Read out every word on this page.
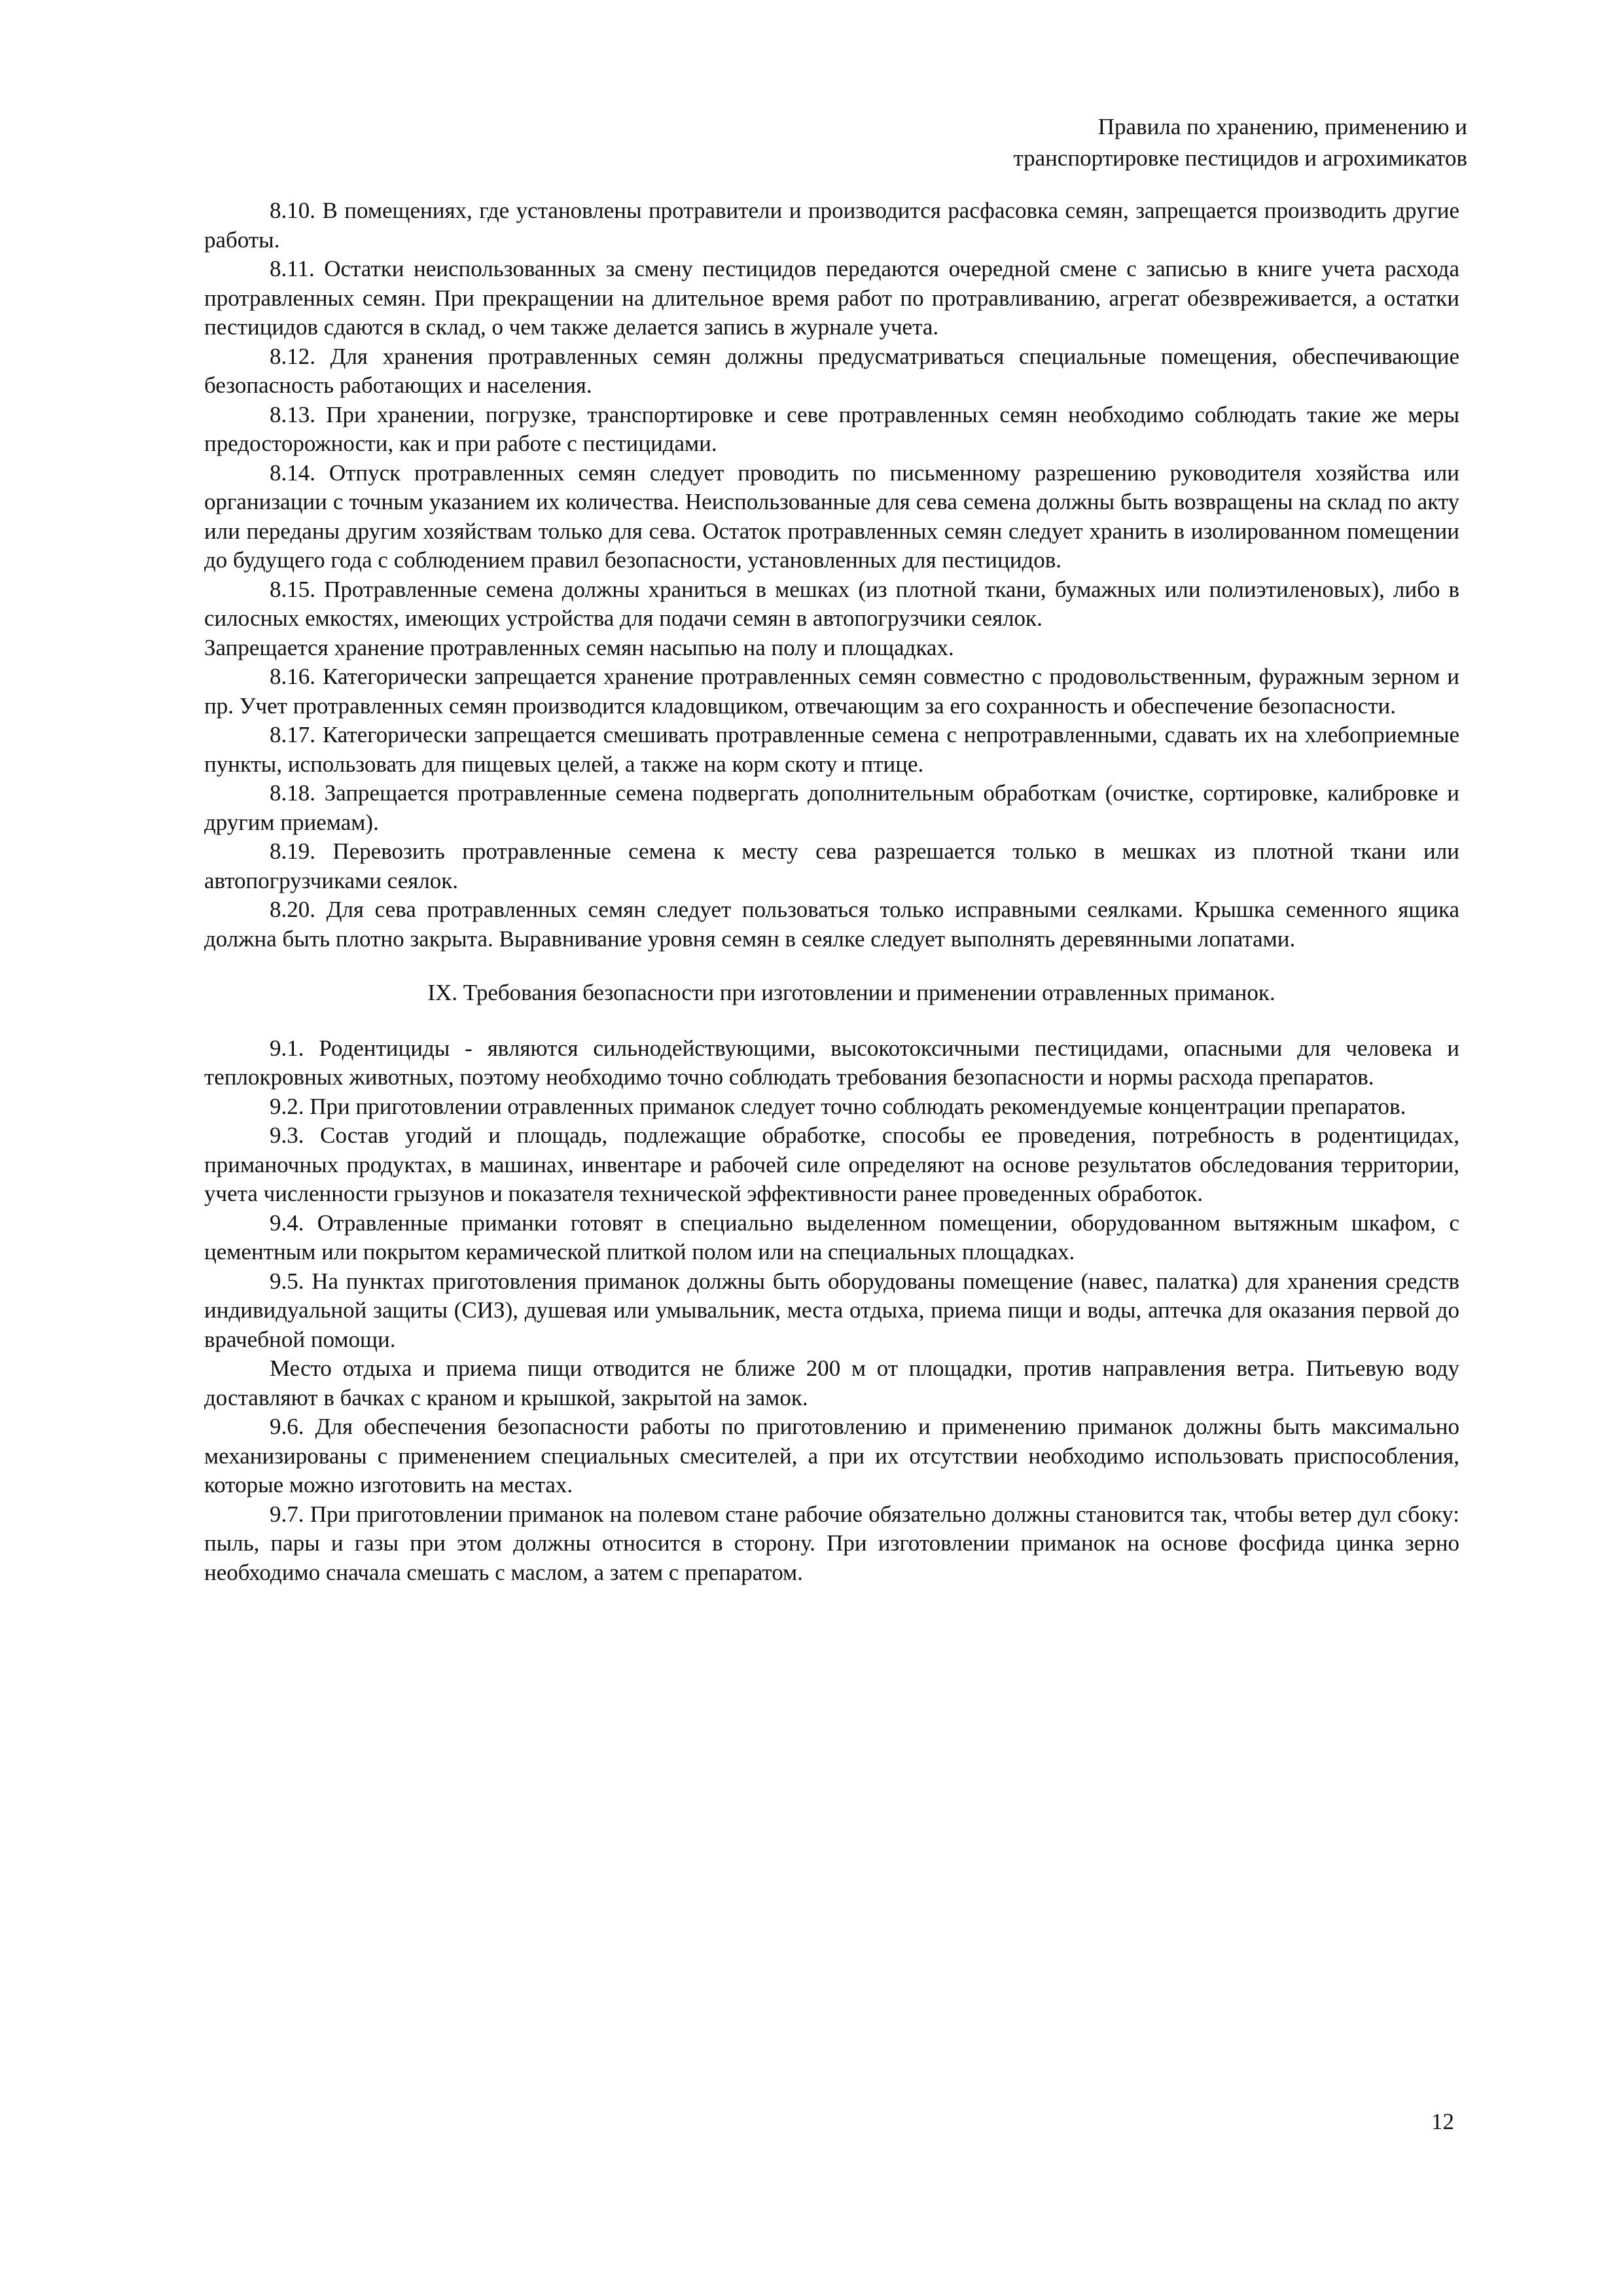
Правила по хранению, применению и
транспортировке пестицидов и агрохимикатов

8.10. В помещениях, где установлены протравители и производится расфасовка семян, запрещается производить другие работы.

8.11. Остатки неиспользованных за смену пестицидов передаются очередной смене с записью в книге учета расхода протравленных семян. При прекращении на длительное время работ по протравливанию, агрегат обезвреживается, а остатки пестицидов сдаются в склад, о чем также делается запись в журнале учета.

8.12. Для хранения протравленных семян должны предусматриваться специальные помещения, обеспечивающие безопасность работающих и населения.

8.13. При хранении, погрузке, транспортировке и севе протравленных семян необходимо соблюдать такие же меры предосторожности, как и при работе с пестицидами.

8.14. Отпуск протравленных семян следует проводить по письменному разрешению руководителя хозяйства или организации с точным указанием их количества. Неиспользованные для сева семена должны быть возвращены на склад по акту или переданы другим хозяйствам только для сева. Остаток протравленных семян следует хранить в изолированном помещении до будущего года с соблюдением правил безопасности, установленных для пестицидов.

8.15. Протравленные семена должны храниться в мешках (из плотной ткани, бумажных или полиэтиленовых), либо в силосных емкостях, имеющих устройства для подачи семян в автопогрузчики сеялок.

Запрещается хранение протравленных семян насыпью на полу и площадках.

8.16. Категорически запрещается хранение протравленных семян совместно с продовольственным, фуражным зерном и пр. Учет протравленных семян производится кладовщиком, отвечающим за его сохранность и обеспечение безопасности.

8.17. Категорически запрещается смешивать протравленные семена с непротравленными, сдавать их на хлебоприемные пункты, использовать для пищевых целей, а также на корм скоту и птице.

8.18. Запрещается протравленные семена подвергать дополнительным обработкам (очистке, сортировке, калибровке и другим приемам).

8.19. Перевозить протравленные семена к месту сева разрешается только в мешках из плотной ткани или автопогрузчиками сеялок.

8.20. Для сева протравленных семян следует пользоваться только исправными сеялками. Крышка семенного ящика должна быть плотно закрыта. Выравнивание уровня семян в сеялке следует выполнять деревянными лопатами.

IX. Требования безопасности при изготовлении и применении отравленных приманок.

9.1. Родентициды - являются сильнодействующими, высокотоксичными пестицидами, опасными для человека и теплокровных животных, поэтому необходимо точно соблюдать требования безопасности и нормы расхода препаратов.

9.2. При приготовлении отравленных приманок следует точно соблюдать рекомендуемые концентрации препаратов.

9.3. Состав угодий и площадь, подлежащие обработке, способы ее проведения, потребность в родентицидах, приманочных продуктах, в машинах, инвентаре и рабочей силе определяют на основе результатов обследования территории, учета численности грызунов и показателя технической эффективности ранее проведенных обработок.

9.4. Отравленные приманки готовят в специально выделенном помещении, оборудованном вытяжным шкафом, с цементным или покрытом керамической плиткой полом или на специальных площадках.

9.5. На пунктах приготовления приманок должны быть оборудованы помещение (навес, палатка) для хранения средств индивидуальной защиты (СИЗ), душевая или умывальник, места отдыха, приема пищи и воды, аптечка для оказания первой до врачебной помощи.

Место отдыха и приема пищи отводится не ближе 200 м от площадки, против направления ветра. Питьевую воду доставляют в бачках с краном и крышкой, закрытой на замок.

9.6. Для обеспечения безопасности работы по приготовлению и применению приманок должны быть максимально механизированы с применением специальных смесителей, а при их отсутствии необходимо использовать приспособления, которые можно изготовить на местах.

9.7. При приготовлении приманок на полевом стане рабочие обязательно должны становится так, чтобы ветер дул сбоку: пыль, пары и газы при этом должны относится в сторону. При изготовлении приманок на основе фосфида цинка зерно необходимо сначала смешать с маслом, а затем с препаратом.

12
